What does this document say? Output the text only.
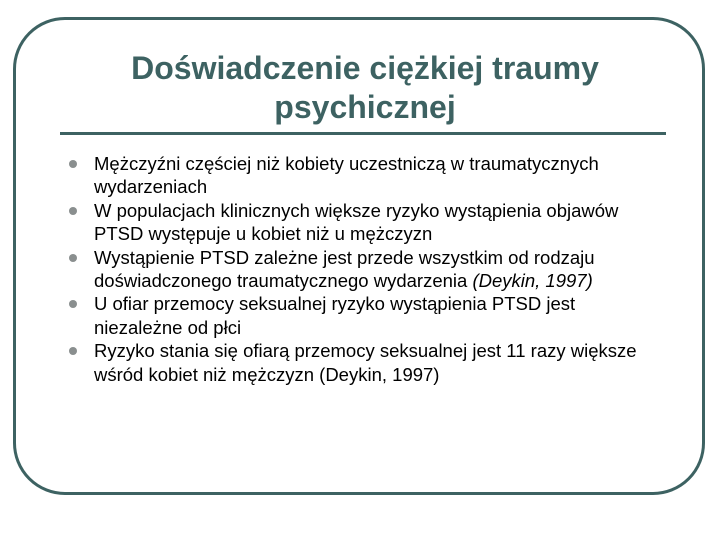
Doświadczenie ciężkiej traumy psychicznej
Mężczyźni częściej niż kobiety uczestniczą w traumatycznych wydarzeniach
W populacjach klinicznych większe ryzyko wystąpienia objawów PTSD występuje u kobiet niż u mężczyzn
Wystąpienie PTSD zależne jest przede wszystkim od rodzaju doświadczonego traumatycznego wydarzenia (Deykin, 1997)
U ofiar przemocy seksualnej ryzyko wystąpienia PTSD jest niezależne od płci
Ryzyko stania się ofiarą przemocy seksualnej jest 11 razy większe wśród kobiet niż mężczyzn (Deykin, 1997)
